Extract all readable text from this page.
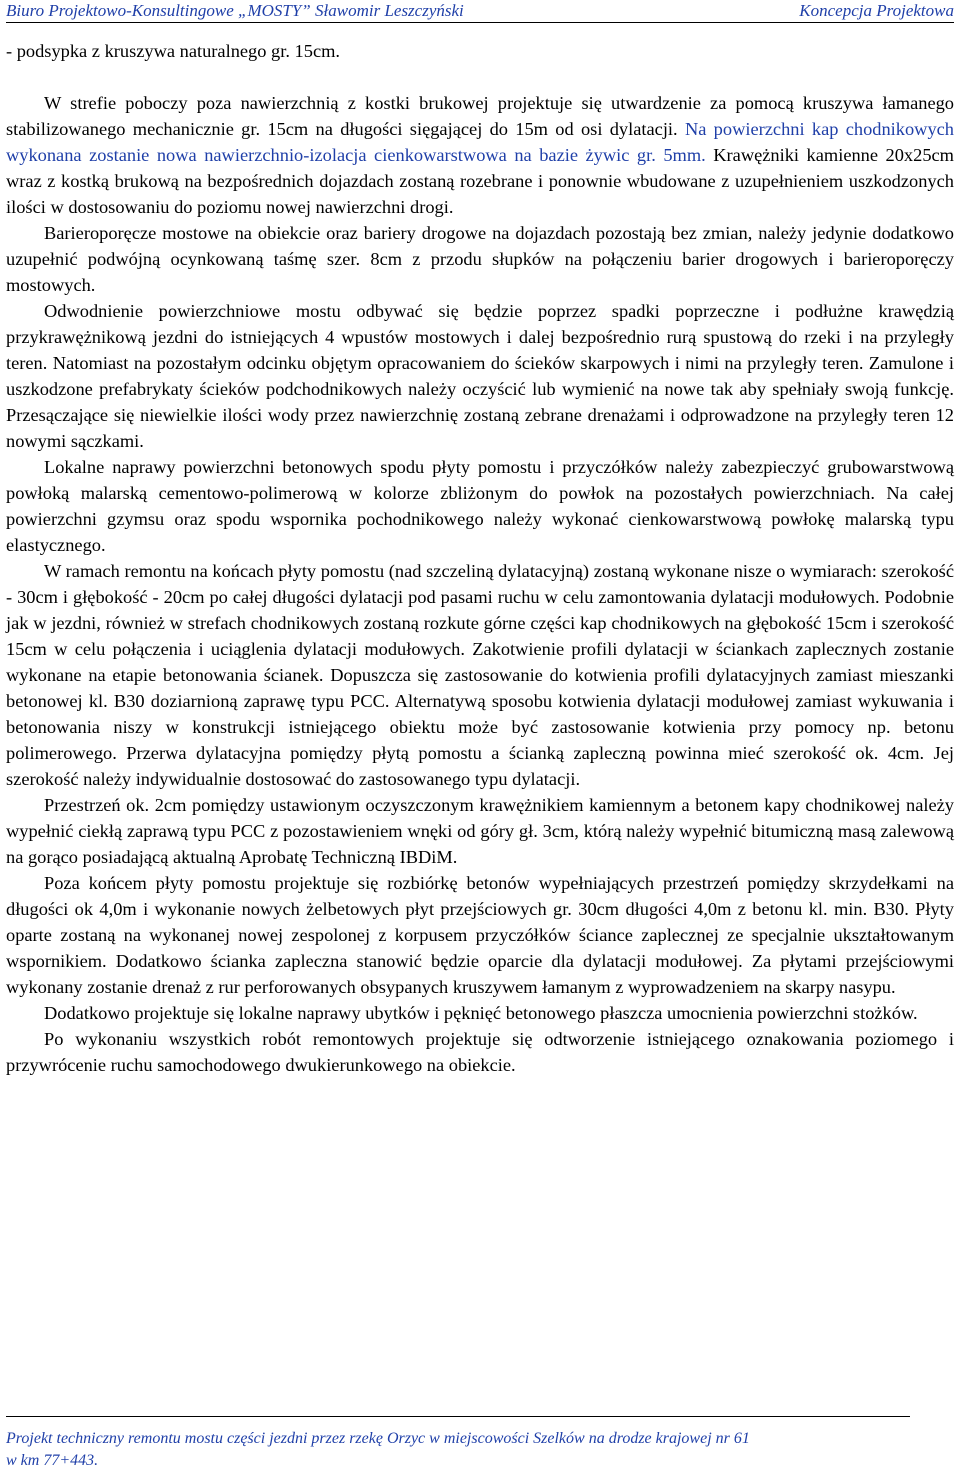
Biuro Projektowo-Konsultingowe „MOSTY” Sławomir Leszczyński	Koncepcja Projektowa

- podsypka z kruszywa naturalnego gr. 15cm.

W strefie poboczy poza nawierzchnią z kostki brukowej projektuje się utwardzenie za pomocą kruszywa łamanego stabilizowanego mechanicznie gr. 15cm na długości sięgającej do 15m od osi dylatacji. Na powierzchni kap chodnikowych wykonana zostanie nowa nawierzchnio-izolacja cienkowarstwowa na bazie żywic gr. 5mm. Krawężniki kamienne 20x25cm wraz z kostką brukową na bezpośrednich dojazdach zostaną rozebrane i ponownie wbudowane z uzupełnieniem uszkodzonych ilości w dostosowaniu do poziomu nowej nawierzchni drogi.

Barieroporęcze mostowe na obiekcie oraz bariery drogowe na dojazdach pozostają bez zmian, należy jedynie dodatkowo uzupełnić podwójną ocynkowaną taśmę szer. 8cm z przodu słupków na połączeniu barier drogowych i barieroporęczy mostowych.

Odwodnienie powierzchniowe mostu odbywać się będzie poprzez spadki poprzeczne i podłużne krawędzią przykrawężnikową jezdni do istniejących 4 wpustów mostowych i dalej bezpośrednio rurą spustową do rzeki i na przyległy teren. Natomiast na pozostałym odcinku objętym opracowaniem do ścieków skarpowych i nimi na przyległy teren. Zamulone i uszkodzone prefabrykaty ścieków podchodnikowych należy oczyścić lub wymienić na nowe tak aby spełniały swoją funkcję. Przesączające się niewielkie ilości wody przez nawierzchnię zostaną zebrane drenażami i odprowadzone na przyległy teren 12 nowymi sączkami.

Lokalne naprawy powierzchni betonowych spodu płyty pomostu i przyczółków należy zabezpieczyć grubowarstwową powłoką malarską cementowo-polimerową w kolorze zbliżonym do powłok na pozostałych powierzchniach. Na całej powierzchni gzymsu oraz spodu wspornika pochodnikowego należy wykonać cienkowarstwową powłokę malarską typu elastycznego.

W ramach remontu na końcach płyty pomostu (nad szczeliną dylatacyjną) zostaną wykonane nisze o wymiarach: szerokość - 30cm i głębokość - 20cm po całej długości dylatacji pod pasami ruchu w celu zamontowania dylatacji modułowych. Podobnie jak w jezdni, również w strefach chodnikowych zostaną rozkute górne części kap chodnikowych na głębokość 15cm i szerokość 15cm w celu połączenia i uciąglenia dylatacji modułowych. Zakotwienie profili dylatacji w ściankach zaplecznych zostanie wykonane na etapie betonowania ścianek. Dopuszcza się zastosowanie do kotwienia profili dylatacyjnych zamiast mieszanki betonowej kl. B30 doziarnioną zaprawę typu PCC. Alternatywą sposobu kotwienia dylatacji modułowej zamiast wykuwania i betonowania niszy w konstrukcji istniejącego obiektu może być zastosowanie kotwienia przy pomocy np. betonu polimerowego. Przerwa dylatacyjna pomiędzy płytą pomostu a ścianką zapleczną powinna mieć szerokość ok. 4cm. Jej szerokość należy indywidualnie dostosować do zastosowanego typu dylatacji.

Przestrzeń ok. 2cm pomiędzy ustawionym oczyszczonym krawężnikiem kamiennym a betonem kapy chodnikowej należy wypełnić ciekłą zaprawą typu PCC z pozostawieniem wnęki od góry gł. 3cm, którą należy wypełnić bitumiczną masą zalewową na gorąco posiadającą aktualną Aprobatę Techniczną IBDiM.

Poza końcem płyty pomostu projektuje się rozbiórkę betonów wypełniających przestrzeń pomiędzy skrzydełkami na długości ok 4,0m i wykonanie nowych żelbetowych płyt przejściowych gr. 30cm długości 4,0m z betonu kl. min. B30. Płyty oparte zostaną na wykonanej nowej zespolonej z korpusem przyczółków ściance zaplecznej ze specjalnie ukształtowanym wspornikiem. Dodatkowo ścianka zapleczna stanowić będzie oparcie dla dylatacji modułowej. Za płytami przejściowymi wykonany zostanie drenaż z rur perforowanych obsypanych kruszywem łamanym z wyprowadzeniem na skarpy nasypu.

Dodatkowo projektuje się lokalne naprawy ubytków i pęknięć betonowego płaszcza umocnienia powierzchni stożków.

Po wykonaniu wszystkich robót remontowych projektuje się odtworzenie istniejącego oznakowania poziomego i przywrócenie ruchu samochodowego dwukierunkowego na obiekcie.

Projekt techniczny remontu mostu części jezdni przez rzekę Orzyc w miejscowości Szelków na drodze krajowej nr 61
w km 77+443.
